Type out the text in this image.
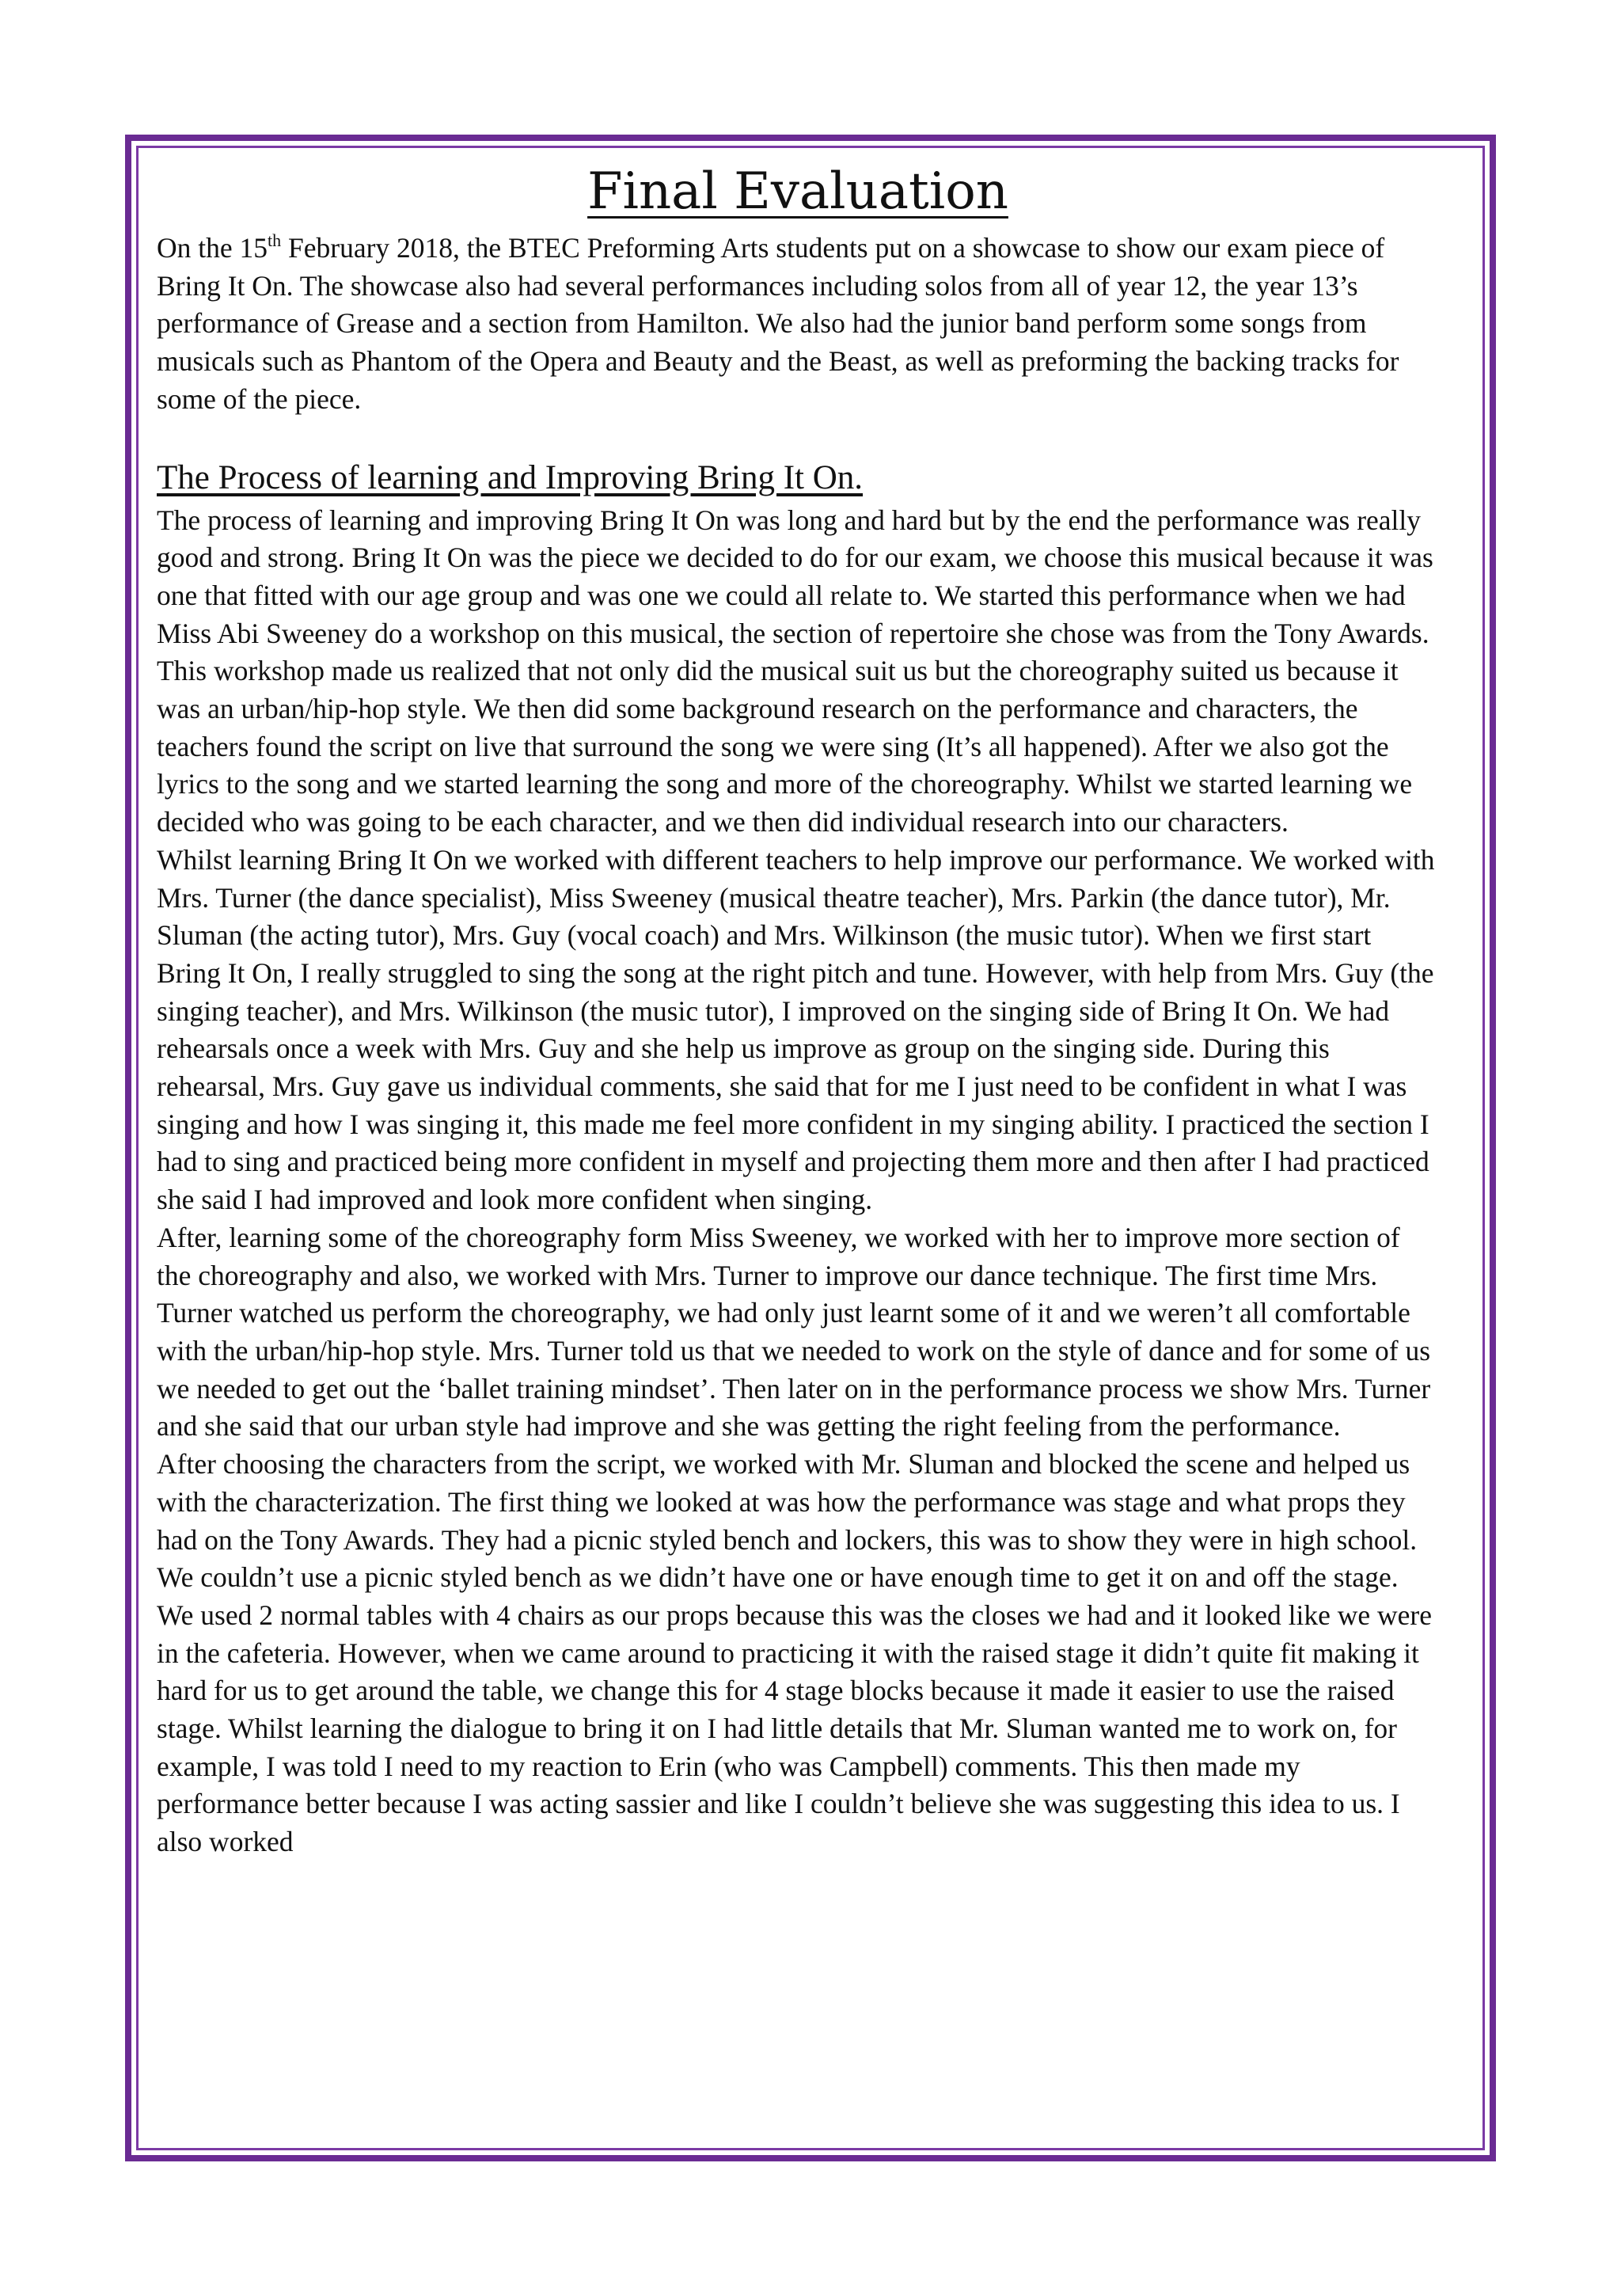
Final Evaluation

On the 15th February 2018, the BTEC Preforming Arts students put on a showcase to show our exam piece of Bring It On. The showcase also had several performances including solos from all of year 12, the year 13’s performance of Grease and a section from Hamilton. We also had the junior band perform some songs from musicals such as Phantom of the Opera and Beauty and the Beast, as well as preforming the backing tracks for some of the piece.

The Process of learning and Improving Bring It On.

The process of learning and improving Bring It On was long and hard but by the end the performance was really good and strong. Bring It On was the piece we decided to do for our exam, we choose this musical because it was one that fitted with our age group and was one we could all relate to. We started this performance when we had Miss Abi Sweeney do a workshop on this musical, the section of repertoire she chose was from the Tony Awards. This workshop made us realized that not only did the musical suit us but the choreography suited us because it was an urban/hip-hop style. We then did some background research on the performance and characters, the teachers found the script on live that surround the song we were sing (It’s all happened). After we also got the lyrics to the song and we started learning the song and more of the choreography. Whilst we started learning we decided who was going to be each character, and we then did individual research into our characters.

Whilst learning Bring It On we worked with different teachers to help improve our performance. We worked with Mrs. Turner (the dance specialist), Miss Sweeney (musical theatre teacher), Mrs. Parkin (the dance tutor), Mr. Sluman (the acting tutor), Mrs. Guy (vocal coach) and Mrs. Wilkinson (the music tutor). When we first start Bring It On, I really struggled to sing the song at the right pitch and tune. However, with help from Mrs. Guy (the singing teacher), and Mrs. Wilkinson (the music tutor), I improved on the singing side of Bring It On. We had rehearsals once a week with Mrs. Guy and she help us improve as group on the singing side. During this rehearsal, Mrs. Guy gave us individual comments, she said that for me I just need to be confident in what I was singing and how I was singing it, this made me feel more confident in my singing ability. I practiced the section I had to sing and practiced being more confident in myself and projecting them more and then after I had practiced she said I had improved and look more confident when singing.

After, learning some of the choreography form Miss Sweeney, we worked with her to improve more section of the choreography and also, we worked with Mrs. Turner to improve our dance technique. The first time Mrs. Turner watched us perform the choreography, we had only just learnt some of it and we weren’t all comfortable with the urban/hip-hop style. Mrs. Turner told us that we needed to work on the style of dance and for some of us we needed to get out the ‘ballet training mindset’. Then later on in the performance process we show Mrs. Turner and she said that our urban style had improve and she was getting the right feeling from the performance.

After choosing the characters from the script, we worked with Mr. Sluman and blocked the scene and helped us with the characterization. The first thing we looked at was how the performance was stage and what props they had on the Tony Awards. They had a picnic styled bench and lockers, this was to show they were in high school. We couldn’t use a picnic styled bench as we didn’t have one or have enough time to get it on and off the stage. We used 2 normal tables with 4 chairs as our props because this was the closes we had and it looked like we were in the cafeteria. However, when we came around to practicing it with the raised stage it didn’t quite fit making it hard for us to get around the table, we change this for 4 stage blocks because it made it easier to use the raised stage. Whilst learning the dialogue to bring it on I had little details that Mr. Sluman wanted me to work on, for example, I was told I need to my reaction to Erin (who was Campbell) comments. This then made my performance better because I was acting sassier and like I couldn’t believe she was suggesting this idea to us. I also worked
